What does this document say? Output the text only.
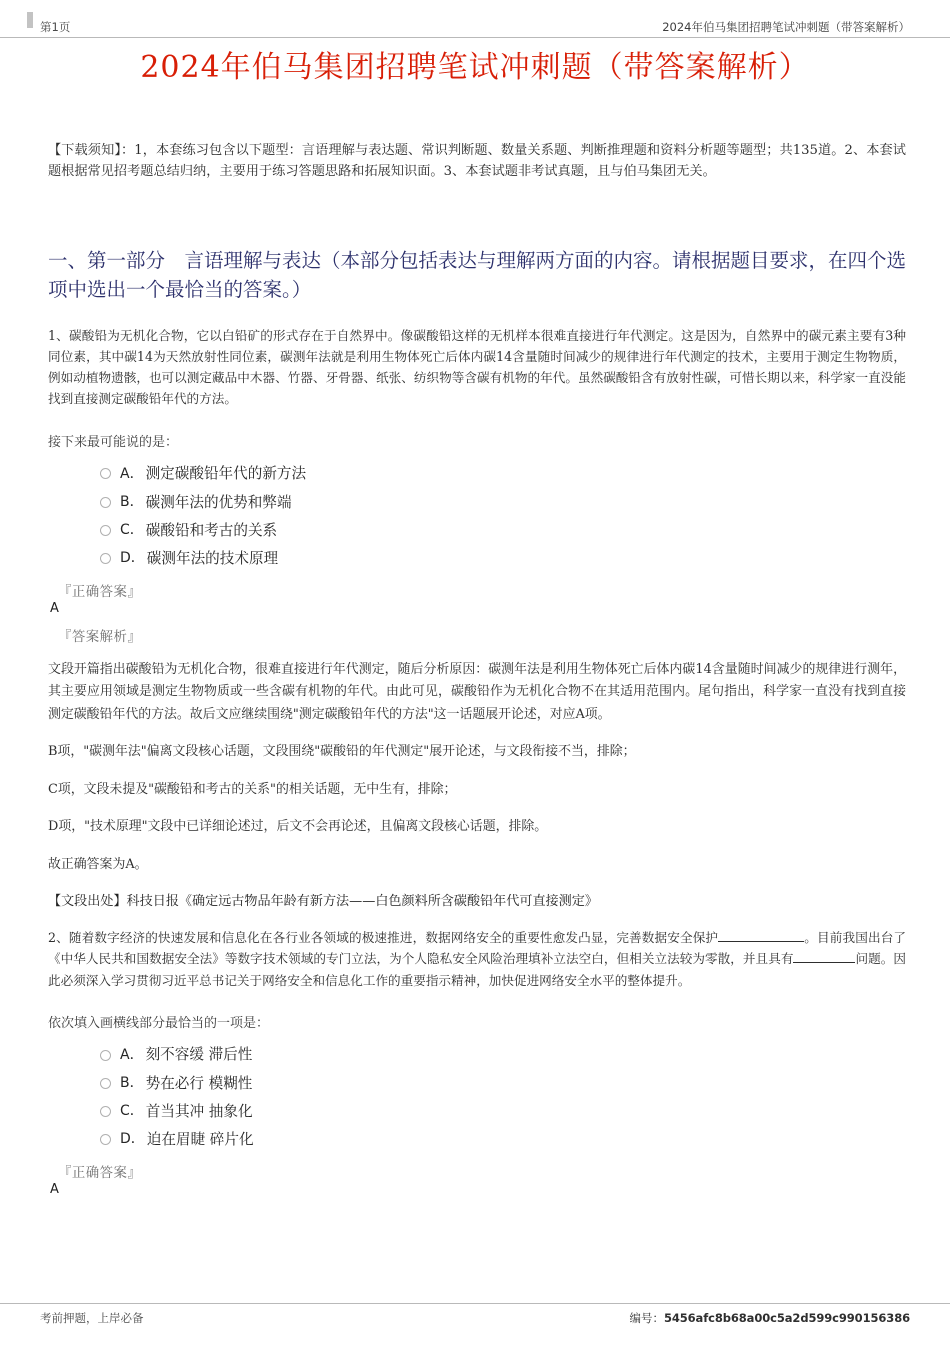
第1页	2024年伯马集团招聘笔试冲刺题（带答案解析）
2024年伯马集团招聘笔试冲刺题（带答案解析）
【下载须知】：1，本套练习包含以下题型：言语理解与表达题、常识判断题、数量关系题、判断推理题和资料分析题等题型；共135道。2、本套试题根据常见招考题总结归纳，主要用于练习答题思路和拓展知识面。3、本套试题非考试真题，且与伯马集团无关。
一、第一部分　言语理解与表达（本部分包括表达与理解两方面的内容。请根据题目要求，在四个选项中选出一个最恰当的答案。）

1、碳酸铅为无机化合物，它以白铅矿的形式存在于自然界中。像碳酸铅这样的无机样本很难直接进行年代测定。这是因为，自然界中的碳元素主要有3种同位素，其中碳14为天然放射性同位素，碳测年法就是利用生物体死亡后体内碳14含量随时间减少的规律进行年代测定的技术，主要用于测定生物物质，例如动植物遗骸，也可以测定藏品中木器、竹器、牙骨器、纸张、纺织物等含碳有机物的年代。虽然碳酸铅含有放射性碳，可惜长期以来，科学家一直没能找到直接测定碳酸铅年代的方法。

接下来最可能说的是：

A． 测定碳酸铅年代的新方法
B． 碳测年法的优势和弊端
C． 碳酸铅和考古的关系
D． 碳测年法的技术原理
『正确答案』
A
『答案解析』

文段开篇指出碳酸铅为无机化合物，很难直接进行年代测定，随后分析原因：碳测年法是利用生物体死亡后体内碳14含量随时间减少的规律进行测年，其主要应用领域是测定生物物质或一些含碳有机物的年代。由此可见，碳酸铅作为无机化合物不在其适用范围内。尾句指出，科学家一直没有找到直接测定碳酸铅年代的方法。故后文应继续围绕"测定碳酸铅年代的方法"这一话题展开论述，对应A项。

B项，"碳测年法"偏离文段核心话题，文段围绕"碳酸铅的年代测定"展开论述，与文段衔接不当，排除；

C项，文段未提及"碳酸铅和考古的关系"的相关话题，无中生有，排除；

D项，"技术原理"文段中已详细论述过，后文不会再论述，且偏离文段核心话题，排除。

故正确答案为A。

【文段出处】科技日报《确定远古物品年龄有新方法——白色颜料所含碳酸铅年代可直接测定》

2、随着数字经济的快速发展和信息化在各行业各领域的极速推进，数据网络安全的重要性愈发凸显，完善数据安全保护	。目前我国出台了《中华人民共和国数据安全法》等数字技术领域的专门立法，为个人隐私安全风险治理填补立法空白，但相关立法较为零散，并且具有	问题。因此必须深入学习贯彻习近平总书记关于网络安全和信息化工作的重要指示精神，加快促进网络安全水平的整体提升。

依次填入画横线部分最恰当的一项是：

A． 刻不容缓 滞后性
B． 势在必行 模糊性
C． 首当其冲 抽象化
D． 迫在眉睫 碎片化
『正确答案』
A
考前押题，上岸必备	编号：5456afc8b68a00c5a2d599c990156386
